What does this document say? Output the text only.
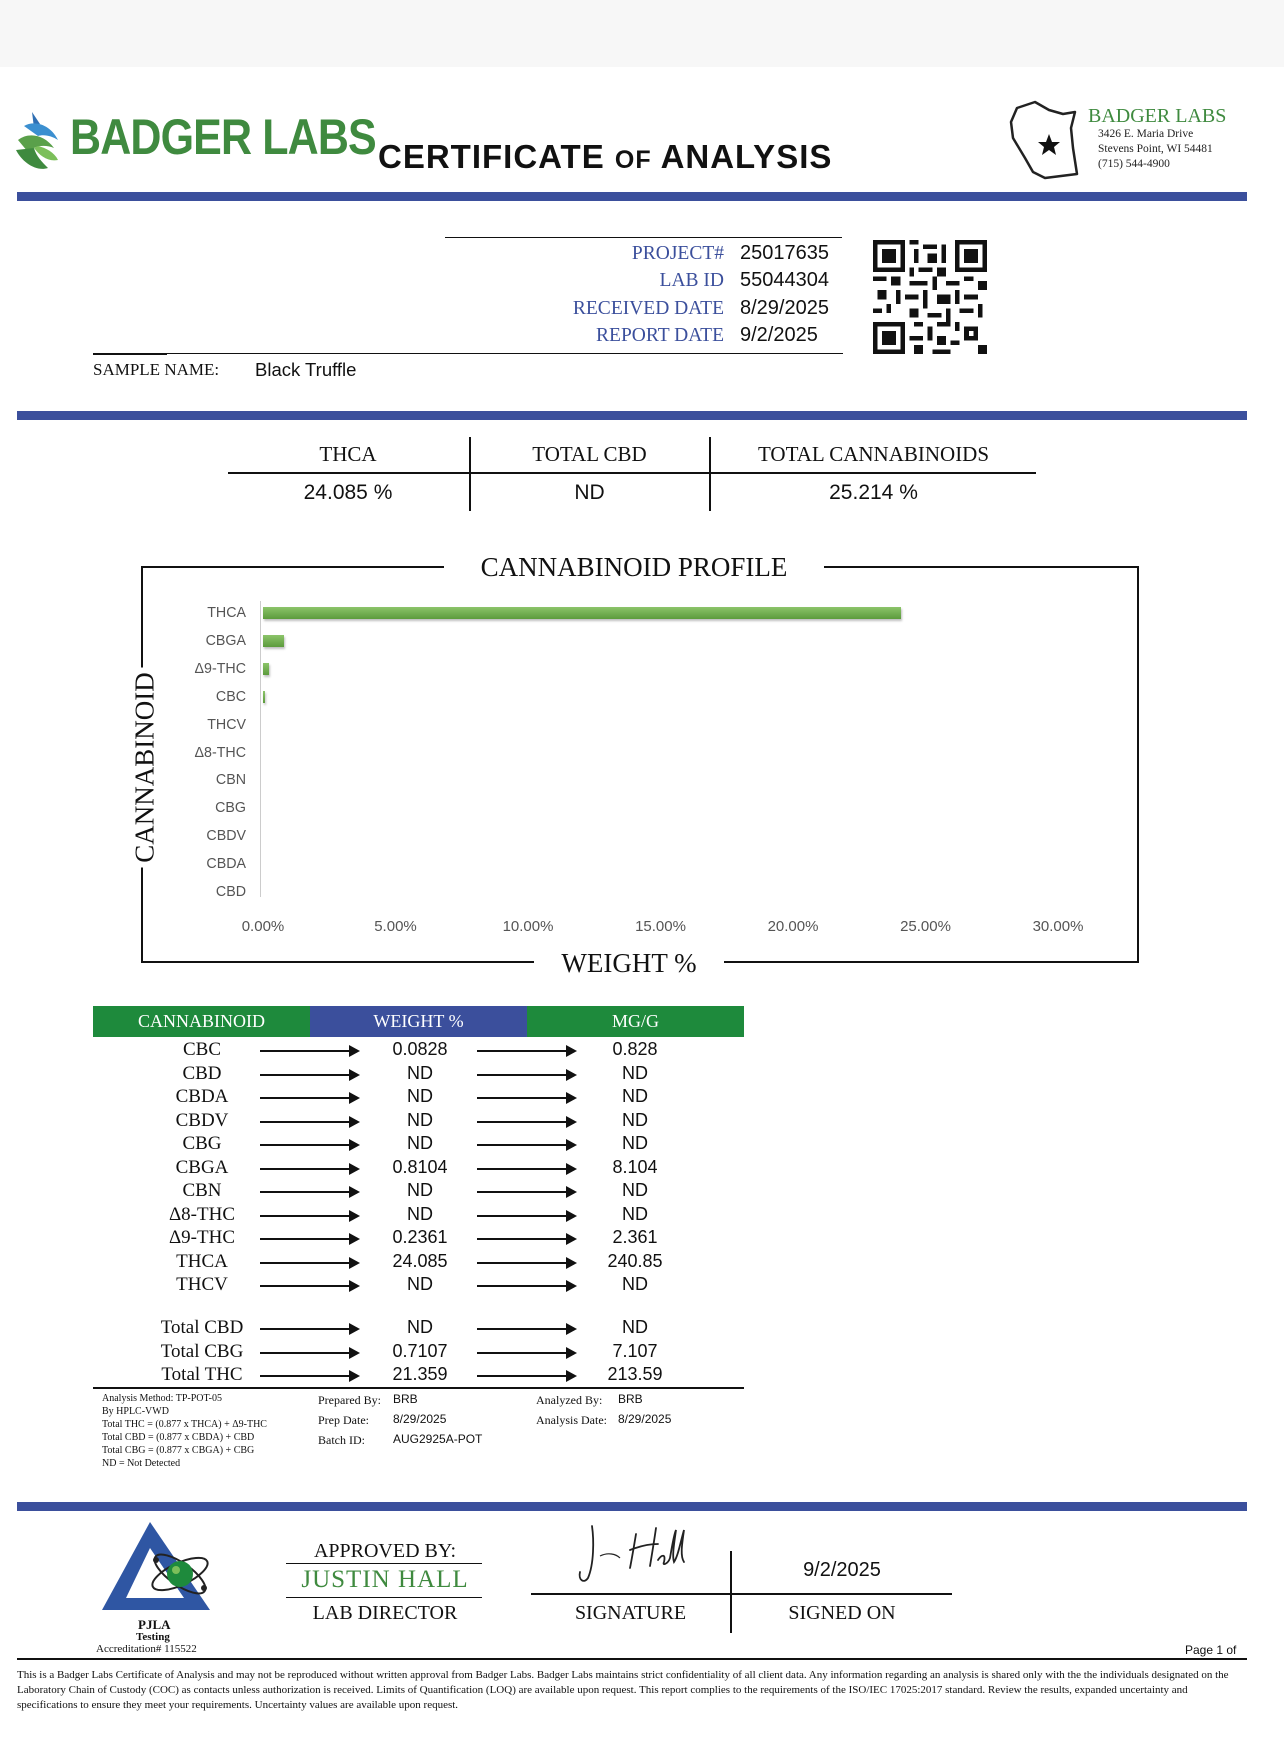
BADGER LABS CERTIFICATE OF ANALYSIS
BADGER LABS
3426 E. Maria Drive
Stevens Point, WI 54481
(715) 544-4900
PROJECT# 25017635
LAB ID 55044304
RECEIVED DATE 8/29/2025
REPORT DATE 9/2/2025
SAMPLE NAME: Black Truffle
THCA
24.085 %
TOTAL CBD
ND
TOTAL CANNABINOIDS
25.214 %
CANNABINOID PROFILE
WEIGHT %
CANNABINOID
THCA
CBGA
Δ9-THC
CBC
THCV
Δ8-THC
CBN
CBG
CBDV
CBDA
CBD
0.00%	5.00%	10.00%	15.00%	20.00%	25.00%	30.00%
CANNABINOID	WEIGHT %	MG/G
CBC	0.0828	0.828
CBD	ND	ND
CBDA	ND	ND
CBDV	ND	ND
CBG	ND	ND
CBGA	0.8104	8.104
CBN	ND	ND
Δ8-THC	ND	ND
Δ9-THC	0.2361	2.361
THCA	24.085	240.85
THCV	ND	ND
Total CBD	ND	ND
Total CBG	0.7107	7.107
Total THC	21.359	213.59
Analysis Method: TP-POT-05
By HPLC-VWD
Total THC = (0.877 x THCA) + Δ9-THC
Total CBD = (0.877 x CBDA) + CBD
Total CBG = (0.877 x CBGA) + CBG
ND = Not Detected
Prepared By: BRB
Prep Date: 8/29/2025
Batch ID: AUG2925A-POT
Analyzed By: BRB
Analysis Date: 8/29/2025
PJLA
Testing
Accreditation# 115522
APPROVED BY:
JUSTIN HALL
LAB DIRECTOR	SIGNATURE
9/2/2025
SIGNED ON
Page 1 of
This is a Badger Labs Certificate of Analysis and may not be reproduced without written approval from Badger Labs. Badger Labs maintains strict confidentiality of all client data. Any information regarding an analysis is shared only with the the individuals designated on the Laboratory Chain of Custody (COC) as contacts unless authorization is received. Limits of Quantification (LOQ) are available upon request. This report complies to the requirements of the ISO/IEC 17025:2017 standard. Review the results, expanded uncertainty and specifications to ensure they meet your requirements. Uncertainty values are available upon request.
